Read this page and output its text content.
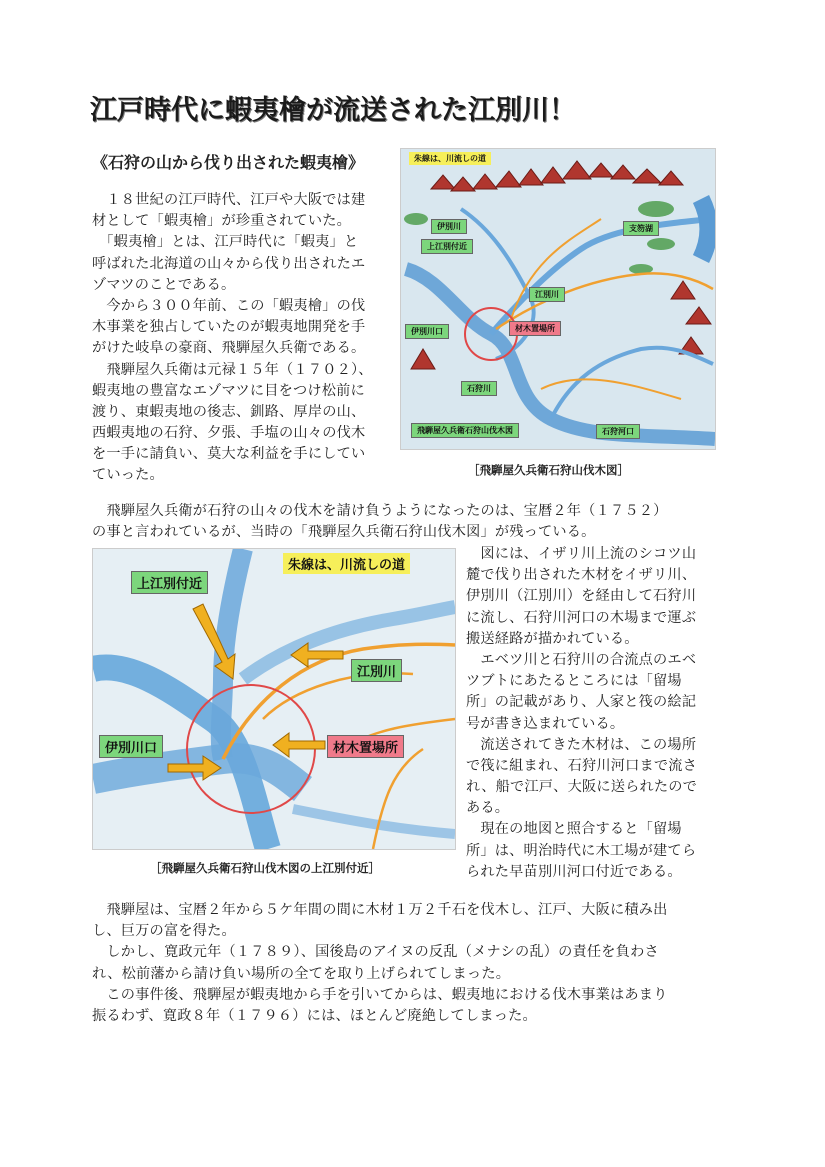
江戸時代に蝦夷檜が流送された江別川！
《石狩の山から伐り出された蝦夷檜》
　１８世紀の江戸時代、江戸や大阪では建
材として「蝦夷檜」が珍重されていた。
　「蝦夷檜」とは、江戸時代に「蝦夷」と
呼ばれた北海道の山々から伐り出されたエ
ゾマツのことである。
　今から３００年前、この「蝦夷檜」の伐
木事業を独占していたのが蝦夷地開発を手
がけた岐阜の豪商、飛騨屋久兵衛である。
　飛騨屋久兵衛は元禄１５年（１７０２）、
蝦夷地の豊富なエゾマツに目をつけ松前に
渡り、東蝦夷地の後志、釧路、厚岸の山、
西蝦夷地の石狩、夕張、手塩の山々の伐木
を一手に請負い、莫大な利益を手にしてい
ていった。
朱線は、川流しの道
伊別川
上江別付近
江別川
材木置場所
伊別川口
石狩川
石狩河口
支笏湖
飛騨屋久兵衛石狩山伐木図
［飛騨屋久兵衛石狩山伐木図］
　飛騨屋久兵衛が石狩の山々の伐木を請け負うようになったのは、宝暦２年（１７５２）
の事と言われているが、当時の「飛騨屋久兵衛石狩山伐木図」が残っている。
朱線は、川流しの道
上江別付近
江別川
伊別川口	材木置場所
［飛騨屋久兵衛石狩山伐木図の上江別付近］
　図には、イザリ川上流のシコツ山
麓で伐り出された木材をイザリ川、
伊別川（江別川）を経由して石狩川
に流し、石狩川河口の木場まで運ぶ
搬送経路が描かれている。
　エベツ川と石狩川の合流点のエベ
ツブトにあたるところには「留場
所」の記載があり、人家と筏の絵記
号が書き込まれている。
　流送されてきた木材は、この場所
で筏に組まれ、石狩川河口まで流さ
れ、船で江戸、大阪に送られたので
ある。
　現在の地図と照合すると「留場
所」は、明治時代に木工場が建てら
られた早苗別川河口付近である。
　飛騨屋は、宝暦２年から５ケ年間の間に木材１万２千石を伐木し、江戸、大阪に積み出
し、巨万の富を得た。
　しかし、寛政元年（１７８９）、国後島のアイヌの反乱（メナシの乱）の責任を負わさ
れ、松前藩から請け負い場所の全てを取り上げられてしまった。
　この事件後、飛騨屋が蝦夷地から手を引いてからは、蝦夷地における伐木事業はあまり
振るわず、寛政８年（１７９６）には、ほとんど廃絶してしまった。
